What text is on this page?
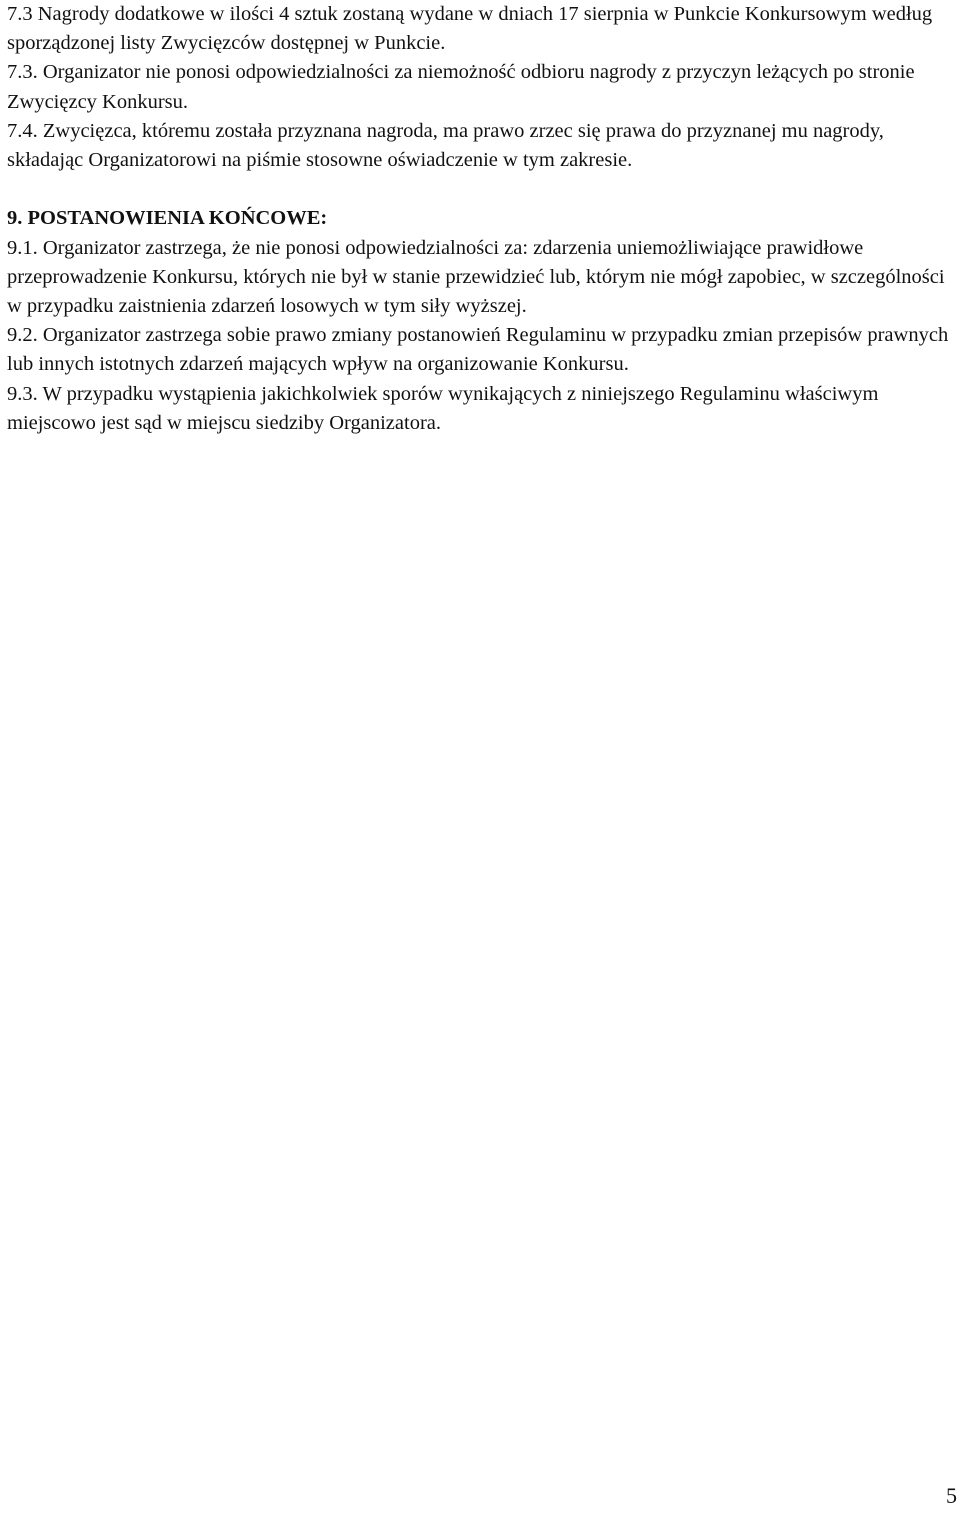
7.3 Nagrody dodatkowe w ilości 4 sztuk zostaną wydane w dniach 17 sierpnia w Punkcie Konkursowym według sporządzonej listy Zwycięzców dostępnej w Punkcie.

7.3. Organizator nie ponosi odpowiedzialności za niemożność odbioru nagrody z przyczyn leżących po stronie Zwycięzcy Konkursu.

7.4. Zwycięzca, któremu została przyznana nagroda, ma prawo zrzec się prawa do przyznanej mu nagrody, składając Organizatorowi na piśmie stosowne oświadczenie w tym zakresie.

9. POSTANOWIENIA KOŃCOWE:

9.1. Organizator zastrzega, że nie ponosi odpowiedzialności za: zdarzenia uniemożliwiające prawidłowe przeprowadzenie Konkursu, których nie był w stanie przewidzieć lub, którym nie mógł zapobiec, w szczególności w przypadku zaistnienia zdarzeń losowych w tym siły wyższej.

9.2. Organizator zastrzega sobie prawo zmiany postanowień Regulaminu w przypadku zmian przepisów prawnych lub innych istotnych zdarzeń mających wpływ na organizowanie Konkursu.

9.3. W przypadku wystąpienia jakichkolwiek sporów wynikających z niniejszego Regulaminu właściwym miejscowo jest sąd w miejscu siedziby Organizatora.

5
